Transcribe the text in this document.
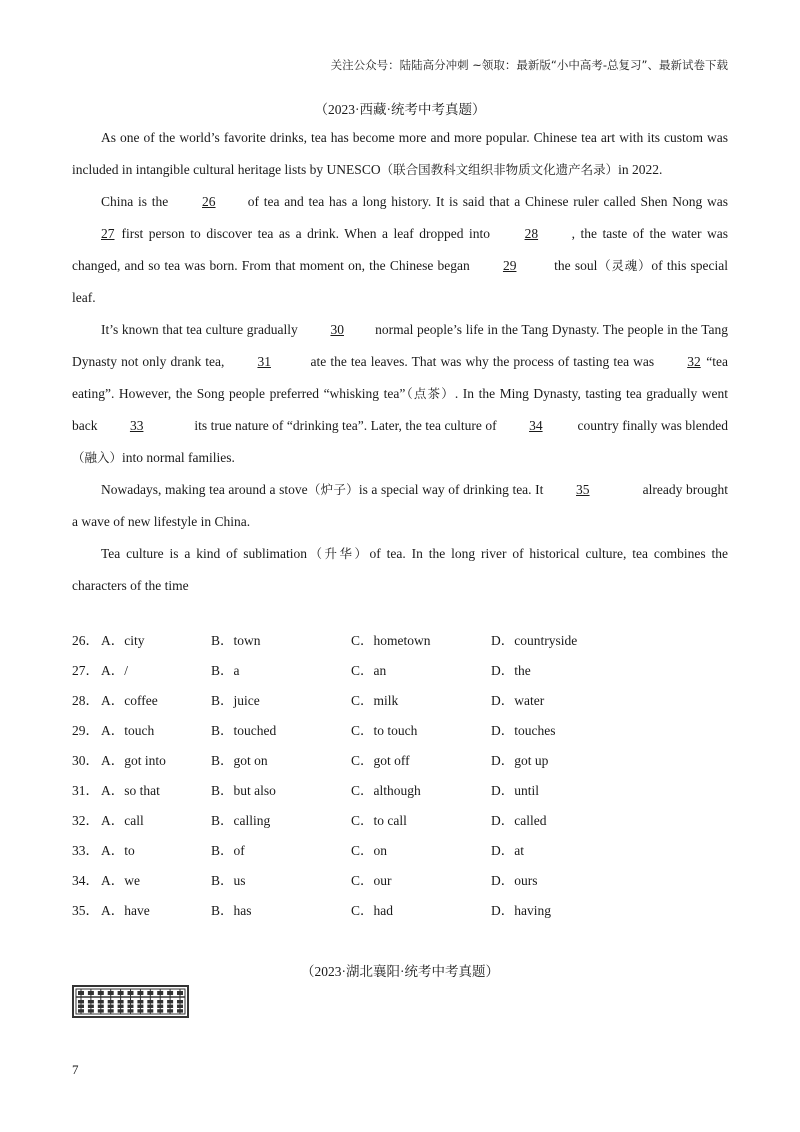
关注公众号：陆陆高分冲刺 ~领取：最新版“小中高考-总复习”、最新试卷下载
（2023·西藏·统考中考真题）

As one of the world’s favorite drinks, tea has become more and more popular. Chinese tea art with its custom was included in intangible cultural heritage lists by UNESCO（联合国教科文组织非物质文化遗产名录）in 2022.

China is the	26 of tea and tea has a long history. It is said that a Chinese ruler called Shen Nong was 27 first person to discover tea as a drink. When a leaf dropped into	28 , the taste of the water was changed, and so tea was born. From that moment on, the Chinese began 29	the soul（灵魂）of this special leaf.

It’s known that tea culture gradually 30 normal people’s life in the Tang Dynasty. The people in the Tang Dynasty not only drank tea, 31	ate the tea leaves. That was why the process of tasting tea was 32 “tea eating”. However, the Song people preferred “whisking tea”（点茶）. In the Ming Dynasty, tasting tea gradually went back 33	its true nature of “drinking tea”. Later, the tea culture of 34	country finally was blended（融入）into normal families.

Nowadays, making tea around a stove（炉子）is a special way of drinking tea. It 35	already brought a wave of new lifestyle in China.

Tea culture is a kind of sublimation（升华）of tea. In the long river of historical culture, tea combines the characters of the time

26． A．city	B．town	C．hometown	D．countryside
27． A．/	B．a	C．an	D．the
28． A．coffee	B．juice	C．milk	D．water
29． A．touch	B．touched	C．to touch	D．touches
30． A．got into	B．got on	C．got off	D．got up
31． A．so that	B．but also	C．although	D．until
32． A．call	B．calling	C．to call	D．called
33． A．to	B．of	C．on	D．at
34． A．we	B．us	C．our	D．ours
35． A．have	B．has	C．had	D．having
（2023·湖北襄阳·统考中考真题）
7
